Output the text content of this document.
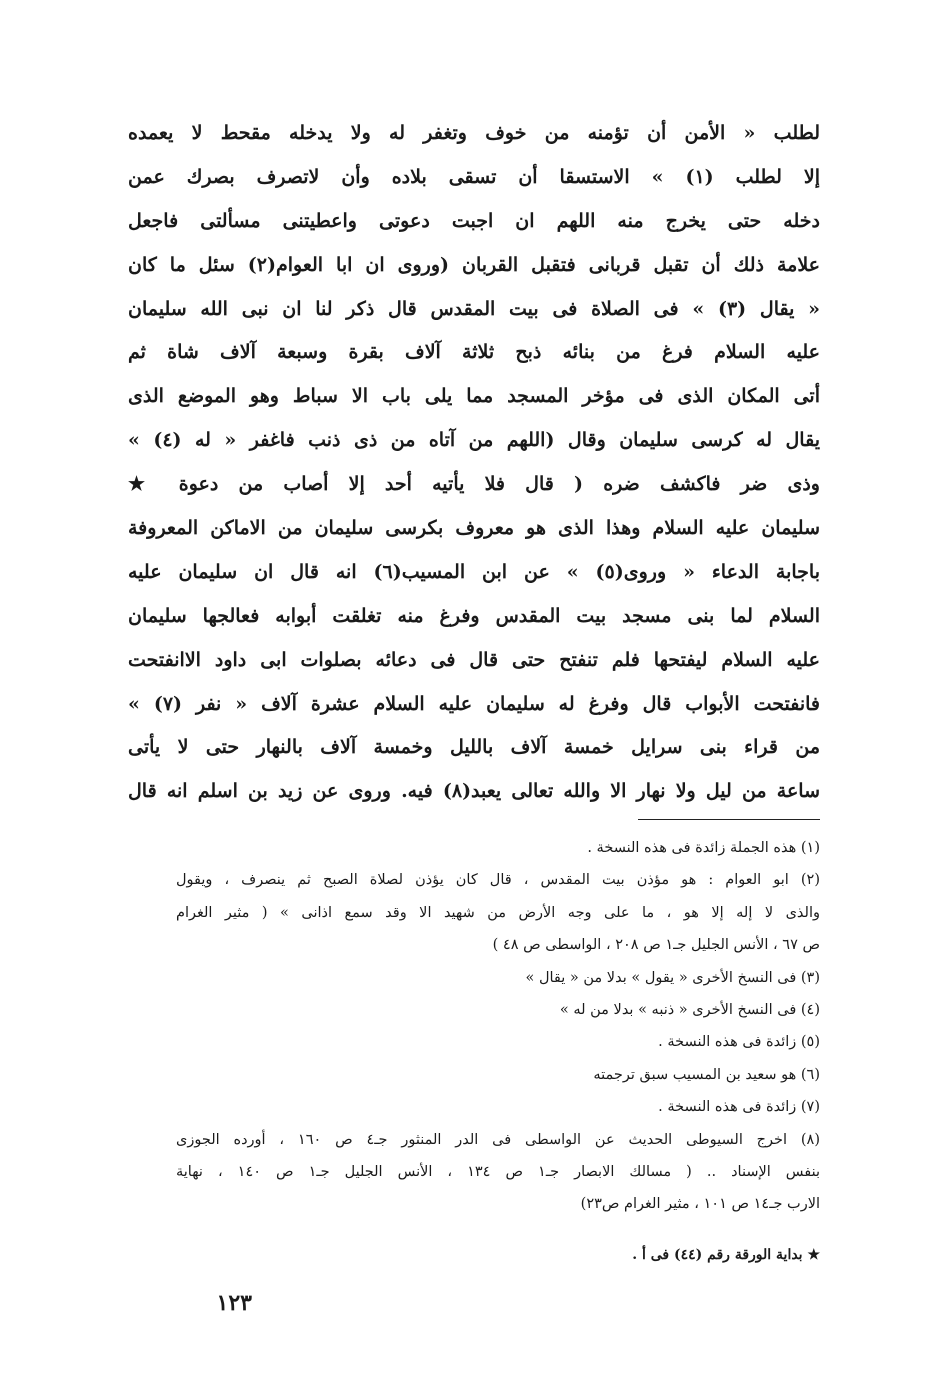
لطلب « الأمن أن تؤمنه من خوف وتغفر له ولا يدخله مقحط لا يعمده
إلا لطلب (١) » الاستسقا أن تسقى بلاده وأن لاتصرف بصرك عمن
دخله حتى يخرج منه اللهم ان اجبت دعوتى واعطيتنى مسألتى فاجعل
علامة ذلك أن تقبل قربانى فتقبل القربان (وروى ان ابا العوام(٢) سئل ما كان
« يقال (٣) » فى الصلاة فى بيت المقدس قال ذكر لنا ان نبى الله سليمان
عليه السلام فرغ من بنائه ذبح ثلاثة آلاف بقرة وسبعة آلاف شاة ثم
أتى المكان الذى فى مؤخر المسجد مما يلى باب الا سباط وهو الموضع الذى
يقال له كرسى سليمان وقال (اللهم من آتاه من ذى ذنب فاغفر « له (٤) »
وذى ضر فاكشف ضره ( قال فلا يأتيه أحد إلا أصاب من دعوة ★
سليمان عليه السلام وهذا الذى هو معروف بكرسى سليمان من الاماكن المعروفة
باجابة الدعاء « وروى(٥) » عن ابن المسيب(٦) انه قال ان سليمان عليه
السلام لما بنى مسجد بيت المقدس وفرغ منه تغلقت أبوابه فعالجها سليمان
عليه السلام ليفتحها فلم تنفتح حتى قال فى دعائه بصلوات ابى داود الاانفتحت
فانفتحت الأبواب قال وفرغ له سليمان عليه السلام عشرة آلاف « نفر (٧) »
من قراء بنى سرايل خمسة آلاف بالليل وخمسة آلاف بالنهار حتى لا يأتى
ساعة من ليل ولا نهار الا والله تعالى يعبد(٨) فيه. وروى عن زيد بن اسلم انه قال
(١) هذه الجملة زائدة فى هذه النسخة .
(٢) ابو العوام : هو مؤذن بيت المقدس ، قال كان يؤذن لصلاة الصبح ثم ينصرف ، ويقول
والذى لا إله إلا هو ، ما على وجه الأرض من شهيد الا وقد سمع اذانى » ( مثير الغرام
ص ٦٧ ، الأنس الجليل جـ١ ص ٢٠٨ ، الواسطى ص ٤٨ )
(٣) فى النسخ الأخرى « يقول » بدلا من « يقال »
(٤) فى النسخ الأخرى « ذنبه » بدلا من له »
(٥) زائدة فى هذه النسخة .
(٦) هو سعيد بن المسيب سبق ترجمته
(٧) زائدة فى هذه النسخة .
(٨) اخرج السيوطى الحديث عن الواسطى فى الدر المنثور جـ٤ ص ١٦٠ ، أورده الجوزى
بنفس الإسناد .. ( مسالك الابصار جـ١ ص ١٣٤ ، الأنس الجليل جـ١ ص ١٤٠ ، نهاية
الارب جـ١٤ ص ١٠١ ، مثير الغرام ص٢٣)
★ بداية الورقة رقم (٤٤) فى أ .
١٢٣
